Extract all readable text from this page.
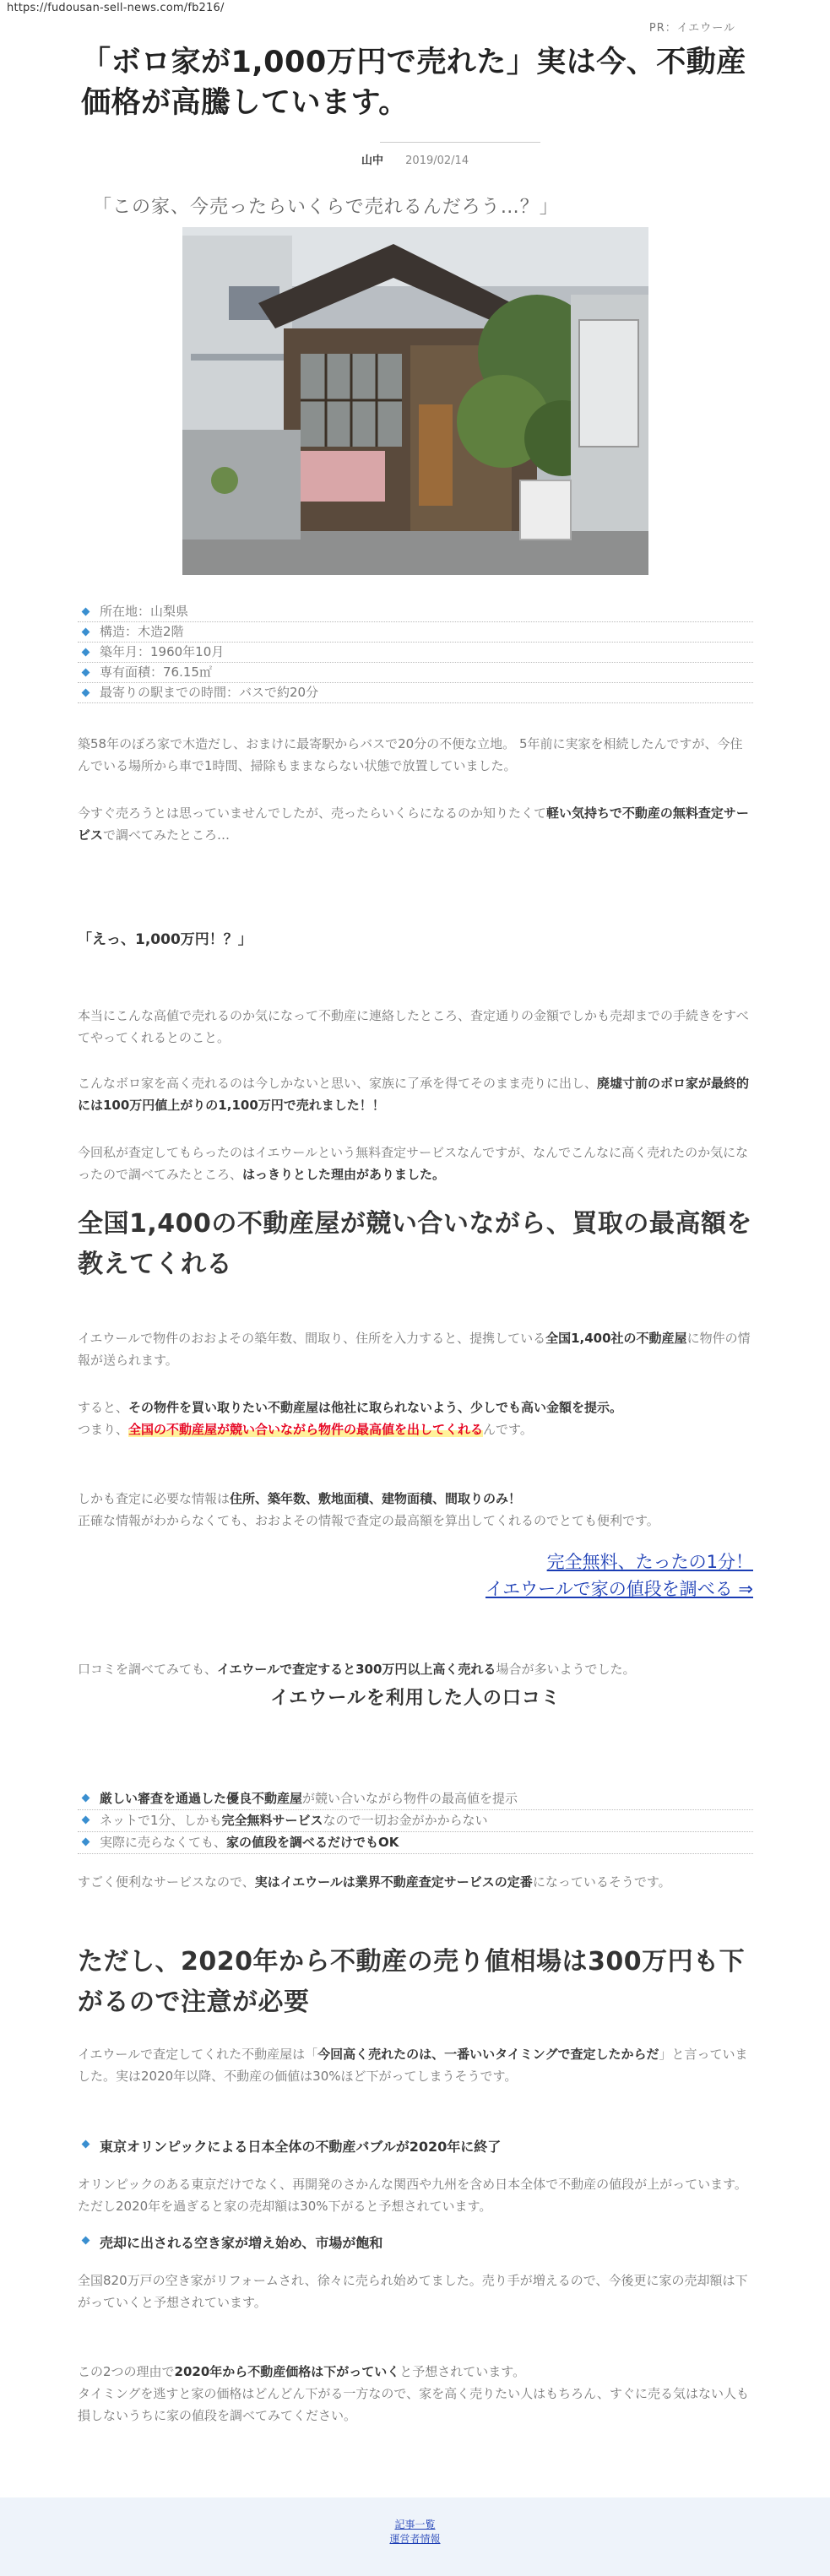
https://fudousan-sell-news.com/fb216/
PR：イエウール
「ボロ家が1,000万円で売れた」実は今、不動産価格が高騰しています。
山中 2019/02/14
「この家、今売ったらいくらで売れるんだろう…？」
所在地：山梨県
構造：木造2階
築年月：1960年10月
専有面積：76.15㎡
最寄りの駅までの時間：バスで約20分

築58年のぼろ家で木造だし、おまけに最寄駅からバスで20分の不便な立地。 5年前に実家を相続したんですが、今住んでいる場所から車で1時間、掃除もままならない状態で放置していました。

今すぐ売ろうとは思っていませんでしたが、売ったらいくらになるのか知りたくて軽い気持ちで不動産の無料査定サービスで調べてみたところ…

「えっ、1,000万円！？」

本当にこんな高値で売れるのか気になって不動産に連絡したところ、査定通りの金額でしかも売却までの手続きをすべてやってくれるとのこと。

こんなボロ家を高く売れるのは今しかないと思い、家族に了承を得てそのまま売りに出し、廃墟寸前のボロ家が最終的には100万円値上がりの1,100万円で売れました！！

今回私が査定してもらったのはイエウールという無料査定サービスなんですが、なんでこんなに高く売れたのか気になったので調べてみたところ、はっきりとした理由がありました。

全国1,400の不動産屋が競い合いながら、買取の最高額を教えてくれる

イエウールで物件のおおよその築年数、間取り、住所を入力すると、提携している全国1,400社の不動産屋に物件の情報が送られます。

すると、その物件を買い取りたい不動産屋は他社に取られないよう、少しでも高い金額を提示。
つまり、全国の不動産屋が競い合いながら物件の最高値を出してくれるんです。

しかも査定に必要な情報は住所、築年数、敷地面積、建物面積、間取りのみ！
正確な情報がわからなくても、おおよその情報で査定の最高額を算出してくれるのでとても便利です。

完全無料、たったの1分！
イエウールで家の値段を調べる ⇒

口コミを調べてみても、イエウールで査定すると300万円以上高く売れる場合が多いようでした。

イエウールを利用した人の口コミ
厳しい審査を通過した優良不動産屋が競い合いながら物件の最高値を提示
ネットで1分、しかも完全無料サービスなので一切お金がかからない
実際に売らなくても、家の値段を調べるだけでもOK

すごく便利なサービスなので、実はイエウールは業界不動産査定サービスの定番になっているそうです。

ただし、2020年から不動産の売り値相場は300万円も下がるので注意が必要

イエウールで査定してくれた不動産屋は「今回高く売れたのは、一番いいタイミングで査定したからだ」と言っていました。実は2020年以降、不動産の価値は30%ほど下がってしまうそうです。

東京オリンピックによる日本全体の不動産バブルが2020年に終了

オリンピックのある東京だけでなく、再開発のさかんな関西や九州を含め日本全体で不動産の値段が上がっています。ただし2020年を過ぎると家の売却額は30%下がると予想されています。

売却に出される空き家が増え始め、市場が飽和

全国820万戸の空き家がリフォームされ、徐々に売られ始めてました。売り手が増えるので、今後更に家の売却額は下がっていくと予想されています。

この2つの理由で2020年から不動産価格は下がっていくと予想されています。
タイミングを逃すと家の価格はどんどん下がる一方なので、家を高く売りたい人はもちろん、すぐに売る気はない人も損しないうちに家の値段を調べてみてください。

記事一覧
運営者情報
